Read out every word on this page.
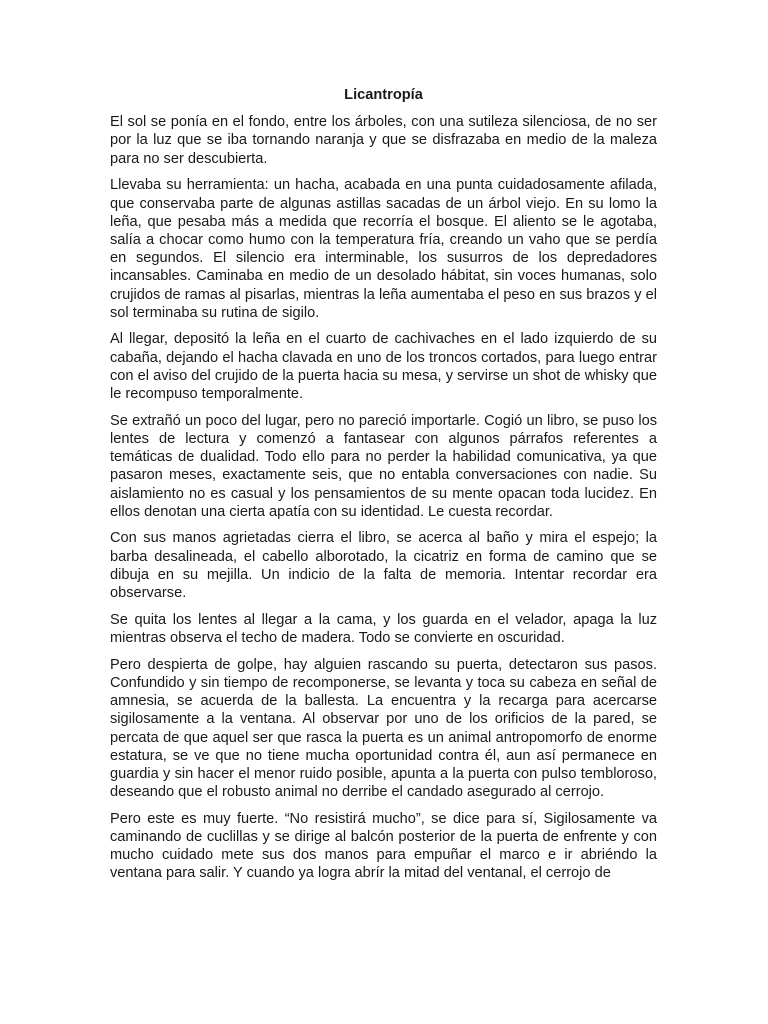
Licantropía

El sol se ponía en el fondo, entre los árboles, con una sutileza silenciosa, de no ser por la luz que se iba tornando naranja y que se disfrazaba en medio de la maleza para no ser descubierta.

Llevaba su herramienta: un hacha, acabada en una punta cuidadosamente afilada, que conservaba parte de algunas astillas sacadas de un árbol viejo. En su lomo la leña, que pesaba más a medida que recorría el bosque. El aliento se le agotaba, salía a chocar como humo con la temperatura fría, creando un vaho que se perdía en segundos. El silencio era interminable, los susurros de los depredadores incansables. Caminaba en medio de un desolado hábitat, sin voces humanas, solo crujidos de ramas al pisarlas, mientras la leña aumentaba el peso en sus brazos y el sol terminaba su rutina de sigilo.

Al llegar, depositó la leña en el cuarto de cachivaches en el lado izquierdo de su cabaña, dejando el hacha clavada en uno de los troncos cortados, para luego entrar con el aviso del crujido de la puerta hacia su mesa, y servirse un shot de whisky que le recompuso temporalmente.

Se extrañó un poco del lugar, pero no pareció importarle. Cogió un libro, se puso los lentes de lectura y comenzó a fantasear con algunos párrafos referentes a temáticas de dualidad. Todo ello para no perder la habilidad comunicativa, ya que pasaron meses, exactamente seis, que no entabla conversaciones con nadie. Su aislamiento no es casual y los pensamientos de su mente opacan toda lucidez. En ellos denotan una cierta apatía con su identidad. Le cuesta recordar.

Con sus manos agrietadas cierra el libro, se acerca al baño y mira el espejo; la barba desalineada, el cabello alborotado, la cicatriz en forma de camino que se dibuja en su mejilla. Un indicio de la falta de memoria. Intentar recordar era observarse.

Se quita los lentes al llegar a la cama, y los guarda en el velador, apaga la luz mientras observa el techo de madera. Todo se convierte en oscuridad.

Pero despierta de golpe, hay alguien rascando su puerta, detectaron sus pasos. Confundido y sin tiempo de recomponerse, se levanta y toca su cabeza en señal de amnesia, se acuerda de la ballesta. La encuentra y la recarga para acercarse sigilosamente a la ventana. Al observar por uno de los orificios de la pared, se percata de que aquel ser que rasca la puerta es un animal antropomorfo de enorme estatura, se ve que no tiene mucha oportunidad contra él, aun así permanece en guardia y sin hacer el menor ruido posible, apunta a la puerta con pulso tembloroso, deseando que el robusto animal no derribe el candado asegurado al cerrojo.

Pero este es muy fuerte. “No resistirá mucho”, se dice para sí, Sigilosamente va caminando de cuclillas y se dirige al balcón posterior de la puerta de enfrente y con mucho cuidado mete sus dos manos para empuñar el marco e ir abriéndo la ventana para salir. Y cuando ya logra abrír la mitad del ventanal, el cerrojo de
